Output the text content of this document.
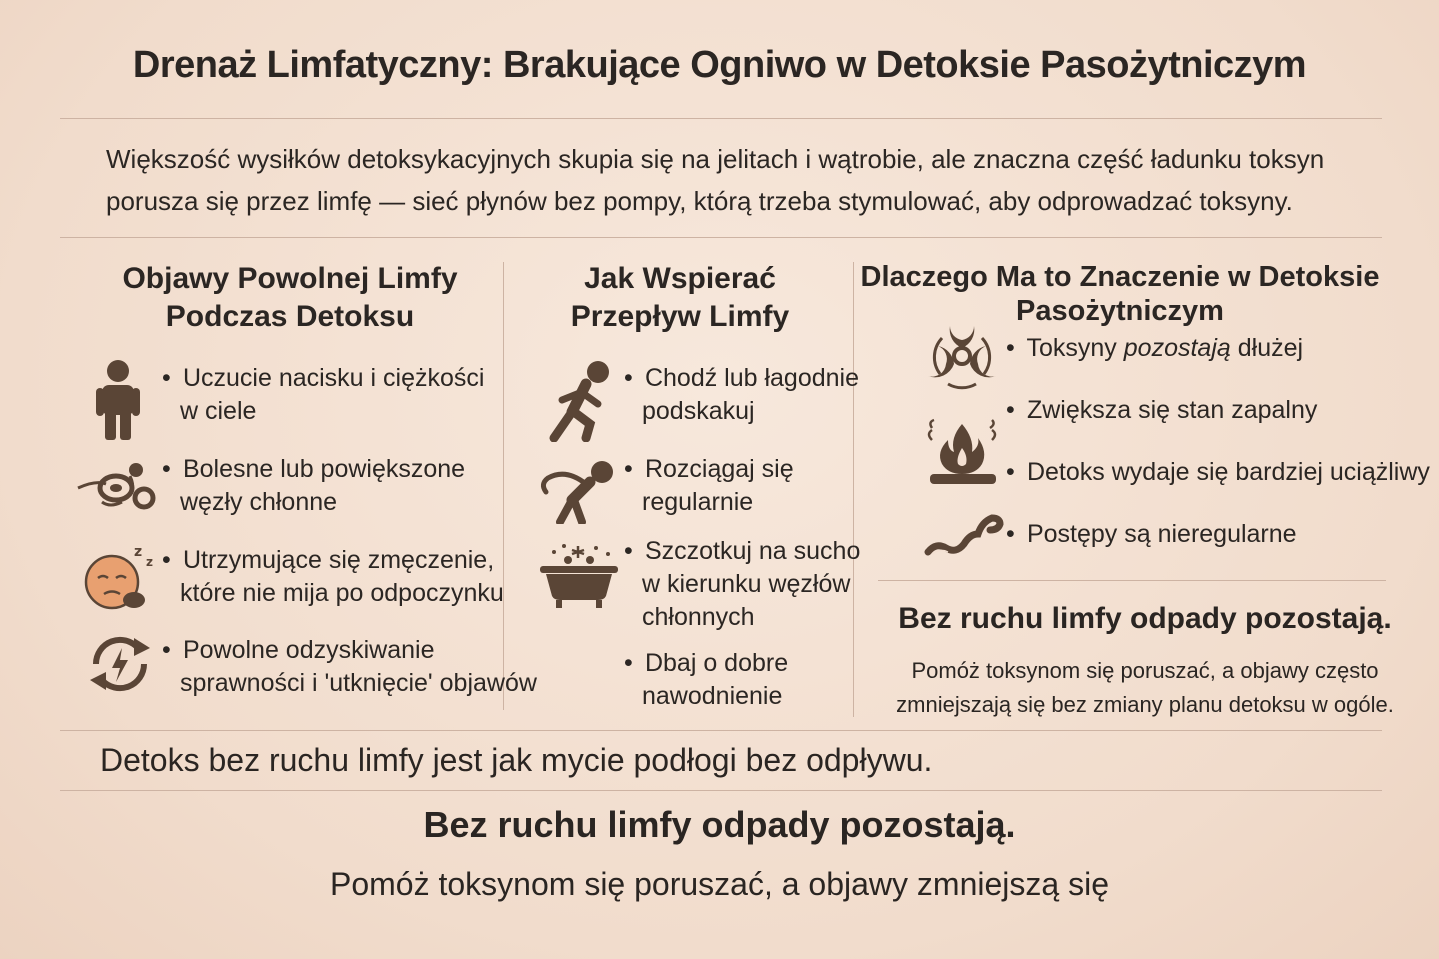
Drenaż Limfatyczny: Brakujące Ogniwo w Detoksie Pasożytniczym
Większość wysiłków detoksykacyjnych skupia się na jelitach i wątrobie, ale znaczna część ładunku toksyn
porusza się przez limfę — sieć płynów bez pompy, którą trzeba stymulować, aby odprowadzać toksyny.
Objawy Powolnej Limfy
Podczas Detoksu
• Uczucie nacisku i ciężkości
w ciele
• Bolesne lub powiększone
węzły chłonne
z
z • Utrzymujące się zmęczenie,
które nie mija po odpoczynku
• Powolne odzyskiwanie
sprawności i 'utknięcie' objawów
Jak Wspierać
Przepływ Limfy
• Chodź lub łagodnie
podskakuj
• Rozciągaj się
regularnie
• Szczotkuj na sucho
w kierunku węzłów
chłonnych
• Dbaj o dobre
nawodnienie
Dlaczego Ma to Znaczenie w Detoksie
Pasożytniczym
• Toksyny pozostają dłużej
• Zwiększa się stan zapalny
• Detoks wydaje się bardziej uciążliwy
• Postępy są nieregularne
Bez ruchu limfy odpady pozostają.
Pomóż toksynom się poruszać, a objawy często
zmniejszają się bez zmiany planu detoksu w ogóle.
Detoks bez ruchu limfy jest jak mycie podłogi bez odpływu.
Bez ruchu limfy odpady pozostają.
Pomóż toksynom się poruszać, a objawy zmniejszą się
